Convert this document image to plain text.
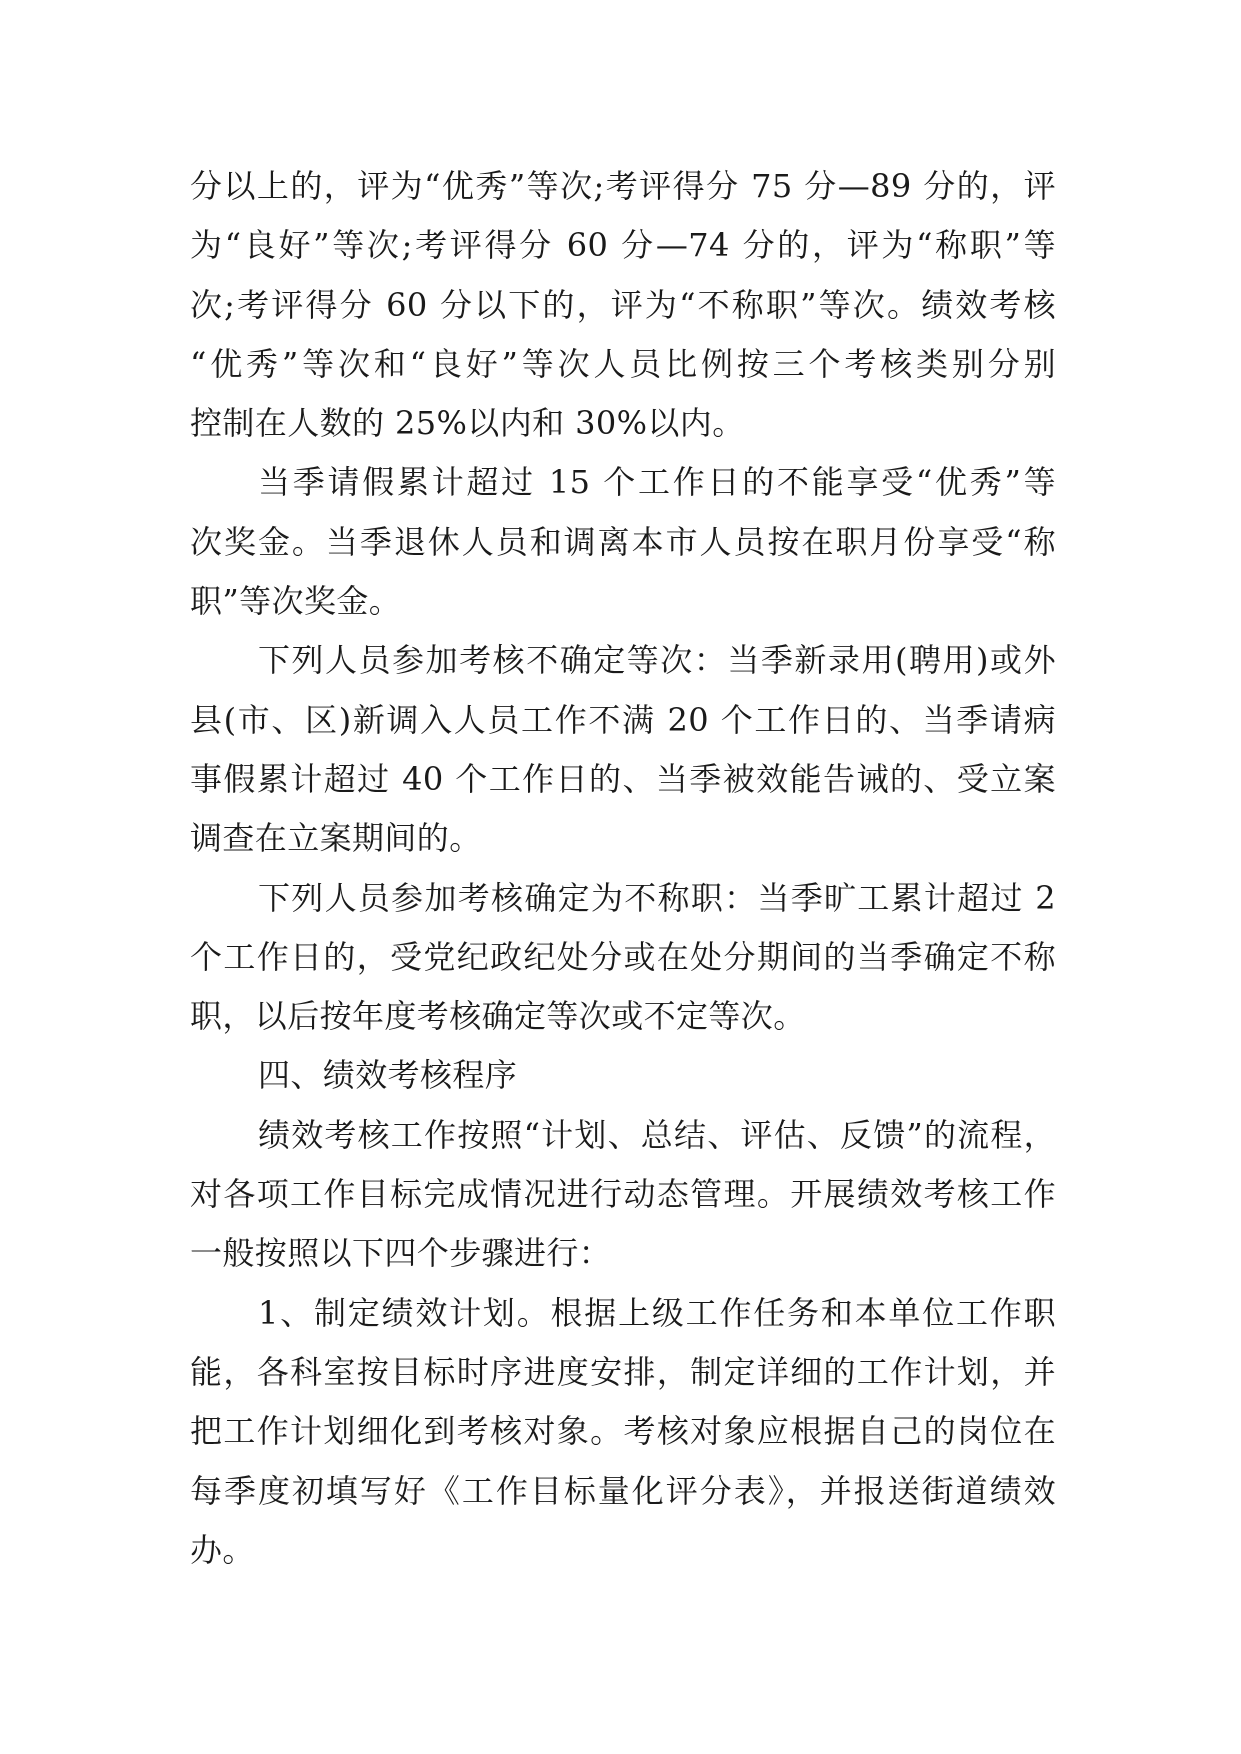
分以上的，评为“优秀”等次;考评得分 75 分—89 分的，评
为“良好”等次;考评得分 60 分—74 分的，评为“称职”等
次;考评得分 60 分以下的，评为“不称职”等次。绩效考核
“优秀”等次和“良好”等次人员比例按三个考核类别分别
控制在人数的 25%以内和 30%以内。
当季请假累计超过 15 个工作日的不能享受“优秀”等
次奖金。当季退休人员和调离本市人员按在职月份享受“称
职”等次奖金。
下列人员参加考核不确定等次：当季新录用(聘用)或外
县(市、区)新调入人员工作不满 20 个工作日的、当季请病
事假累计超过 40 个工作日的、当季被效能告诫的、受立案
调查在立案期间的。
下列人员参加考核确定为不称职：当季旷工累计超过 2
个工作日的，受党纪政纪处分或在处分期间的当季确定不称
职，以后按年度考核确定等次或不定等次。
四、绩效考核程序
绩效考核工作按照“计划、总结、评估、反馈”的流程，
对各项工作目标完成情况进行动态管理。开展绩效考核工作
一般按照以下四个步骤进行：
1、制定绩效计划。根据上级工作任务和本单位工作职
能，各科室按目标时序进度安排，制定详细的工作计划，并
把工作计划细化到考核对象。考核对象应根据自己的岗位在
每季度初填写好《工作目标量化评分表》，并报送街道绩效
办。
